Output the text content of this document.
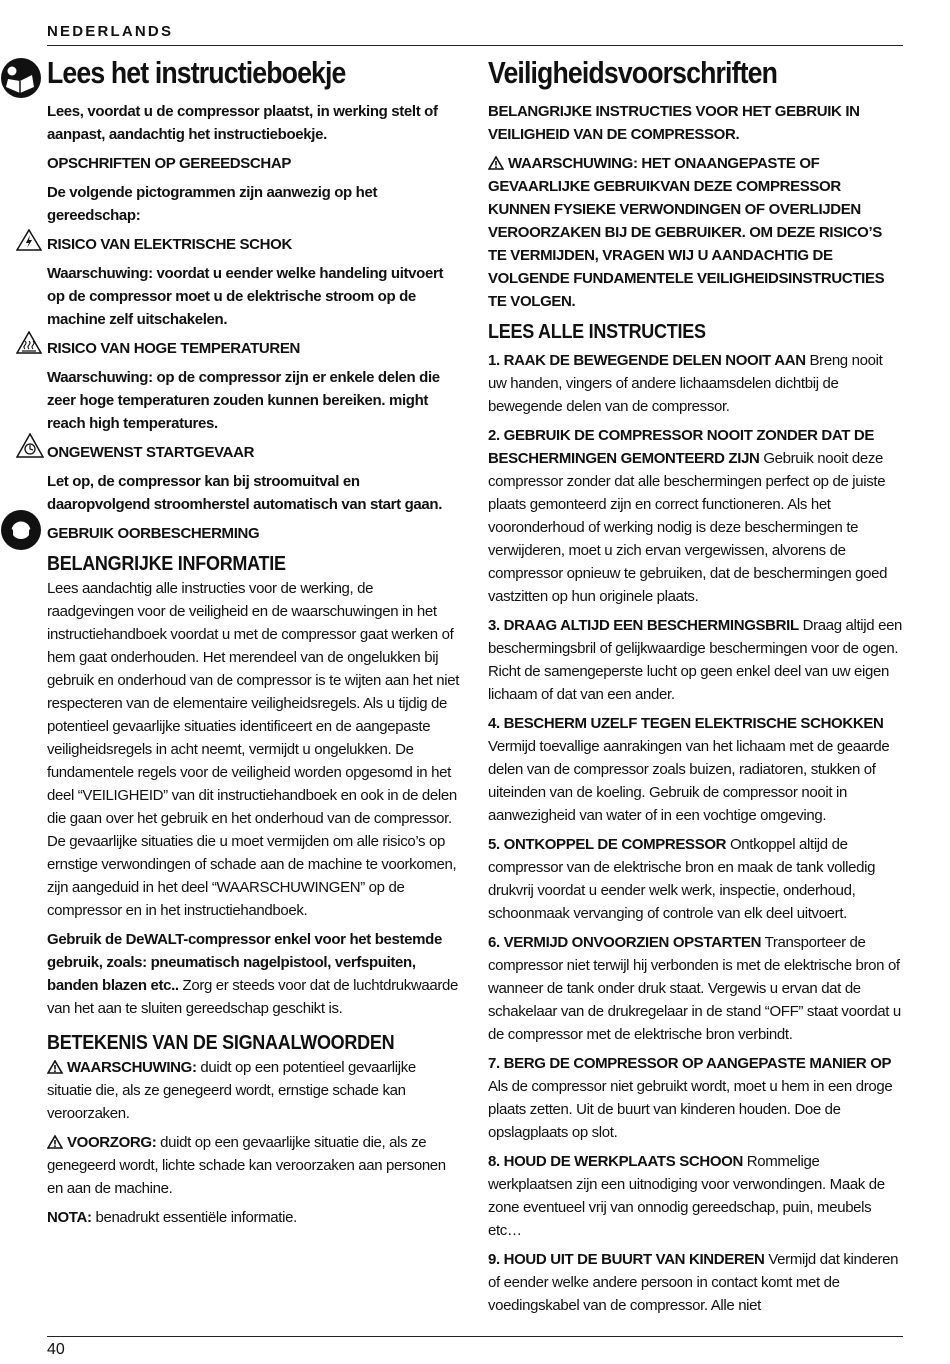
NEDERLANDS
Lees het instructieboekje
Lees, voordat u de compressor plaatst, in werking stelt of aanpast, aandachtig het instructieboekje.
OPSCHRIFTEN OP GEREEDSCHAP
De volgende pictogrammen zijn aanwezig op het gereedschap:
RISICO VAN ELEKTRISCHE SCHOK
Waarschuwing: voordat u eender welke handeling uitvoert op de compressor moet u de elektrische stroom op de machine zelf uitschakelen.
RISICO VAN HOGE TEMPERATUREN
Waarschuwing: op de compressor zijn er enkele delen die zeer hoge temperaturen zouden kunnen bereiken. might reach high temperatures.
ONGEWENST STARTGEVAAR
Let op, de compressor kan bij stroomuitval en daaropvolgend stroomherstel automatisch van start gaan.
GEBRUIK OORBESCHERMING
BELANGRIJKE INFORMATIE
Lees aandachtig alle instructies voor de werking, de raadgevingen voor de veiligheid en de waarschuwingen in het instructiehandboek voordat u met de compressor gaat werken of hem gaat onderhouden. Het merendeel van de ongelukken bij gebruik en onderhoud van de compressor is te wijten aan het niet respecteren van de elementaire veiligheidsregels. Als u tijdig de potentieel gevaarlijke situaties identificeert en de aangepaste veiligheidsregels in acht neemt, vermijdt u ongelukken. De fundamentele regels voor de veiligheid worden opgesomd in het deel “VEILIGHEID” van dit instructiehandboek en ook in de delen die gaan over het gebruik en het onderhoud van de compressor. De gevaarlijke situaties die u moet vermijden om alle risico’s op ernstige verwondingen of schade aan de machine te voorkomen, zijn aangeduid in het deel “WAARSCHUWINGEN” op de compressor en in het instructiehandboek.
Gebruik de DeWALT-compressor enkel voor het bestemde gebruik, zoals: pneumatisch nagelpistool, verfspuiten, banden blazen etc.. Zorg er steeds voor dat de luchtdrukwaarde van het aan te sluiten gereedschap geschikt is.
BETEKENIS VAN DE SIGNAALWOORDEN
WAARSCHUWING: duidt op een potentieel gevaarlijke situatie die, als ze genegeerd wordt, ernstige schade kan veroorzaken.
VOORZORG: duidt op een gevaarlijke situatie die, als ze genegeerd wordt, lichte schade kan veroorzaken aan personen en aan de machine.
NOTA: benadrukt essentiële informatie.
Veiligheidsvoorschriften
BELANGRIJKE INSTRUCTIES VOOR HET GEBRUIK IN VEILIGHEID VAN DE COMPRESSOR.
WAARSCHUWING: HET ONAANGEPASTE OF GEVAARLIJKE GEBRUIKVAN DEZE COMPRESSOR KUNNEN FYSIEKE VERWONDINGEN OF OVERLIJDEN VEROORZAKEN BIJ DE GEBRUIKER. OM DEZE RISICO’S TE VERMIJDEN, VRAGEN WIJ U AANDACHTIG DE VOLGENDE FUNDAMENTELE VEILIGHEIDSINSTRUCTIES TE VOLGEN.
LEES ALLE INSTRUCTIES
1. RAAK DE BEWEGENDE DELEN NOOIT AAN Breng nooit uw handen, vingers of andere lichaamsdelen dichtbij de bewegende delen van de compressor.
2. GEBRUIK DE COMPRESSOR NOOIT ZONDER DAT DE BESCHERMINGEN GEMONTEERD ZIJN Gebruik nooit deze compressor zonder dat alle beschermingen perfect op de juiste plaats gemonteerd zijn en correct functioneren. Als het vooronderhoud of werking nodig is deze beschermingen te verwijderen, moet u zich ervan vergewissen, alvorens de compressor opnieuw te gebruiken, dat de beschermingen goed vastzitten op hun originele plaats.
3. DRAAG ALTIJD EEN BESCHERMINGSBRIL Draag altijd een beschermingsbril of gelijkwaardige beschermingen voor de ogen. Richt de samengeperste lucht op geen enkel deel van uw eigen lichaam of dat van een ander.
4. BESCHERM UZELF TEGEN ELEKTRISCHE SCHOKKEN Vermijd toevallige aanrakingen van het lichaam met de geaarde delen van de compressor zoals buizen, radiatoren, stukken of uiteinden van de koeling. Gebruik de compressor nooit in aanwezigheid van water of in een vochtige omgeving.
5. ONTKOPPEL DE COMPRESSOR Ontkoppel altijd de compressor van de elektrische bron en maak de tank volledig drukvrij voordat u eender welk werk, inspectie, onderhoud, schoonmaak vervanging of controle van elk deel uitvoert.
6. VERMIJD ONVOORZIEN OPSTARTEN Transporteer de compressor niet terwijl hij verbonden is met de elektrische bron of wanneer de tank onder druk staat. Vergewis u ervan dat de schakelaar van de drukregelaar in de stand “OFF” staat voordat u de compressor met de elektrische bron verbindt.
7. BERG DE COMPRESSOR OP AANGEPASTE MANIER OP Als de compressor niet gebruikt wordt, moet u hem in een droge plaats zetten. Uit de buurt van kinderen houden. Doe de opslagplaats op slot.
8. HOUD DE WERKPLAATS SCHOON Rommelige werkplaatsen zijn een uitnodiging voor verwondingen. Maak de zone eventueel vrij van onnodig gereedschap, puin, meubels etc…
9. HOUD UIT DE BUURT VAN KINDEREN Vermijd dat kinderen of eender welke andere persoon in contact komt met de voedingskabel van de compressor. Alle niet
40
